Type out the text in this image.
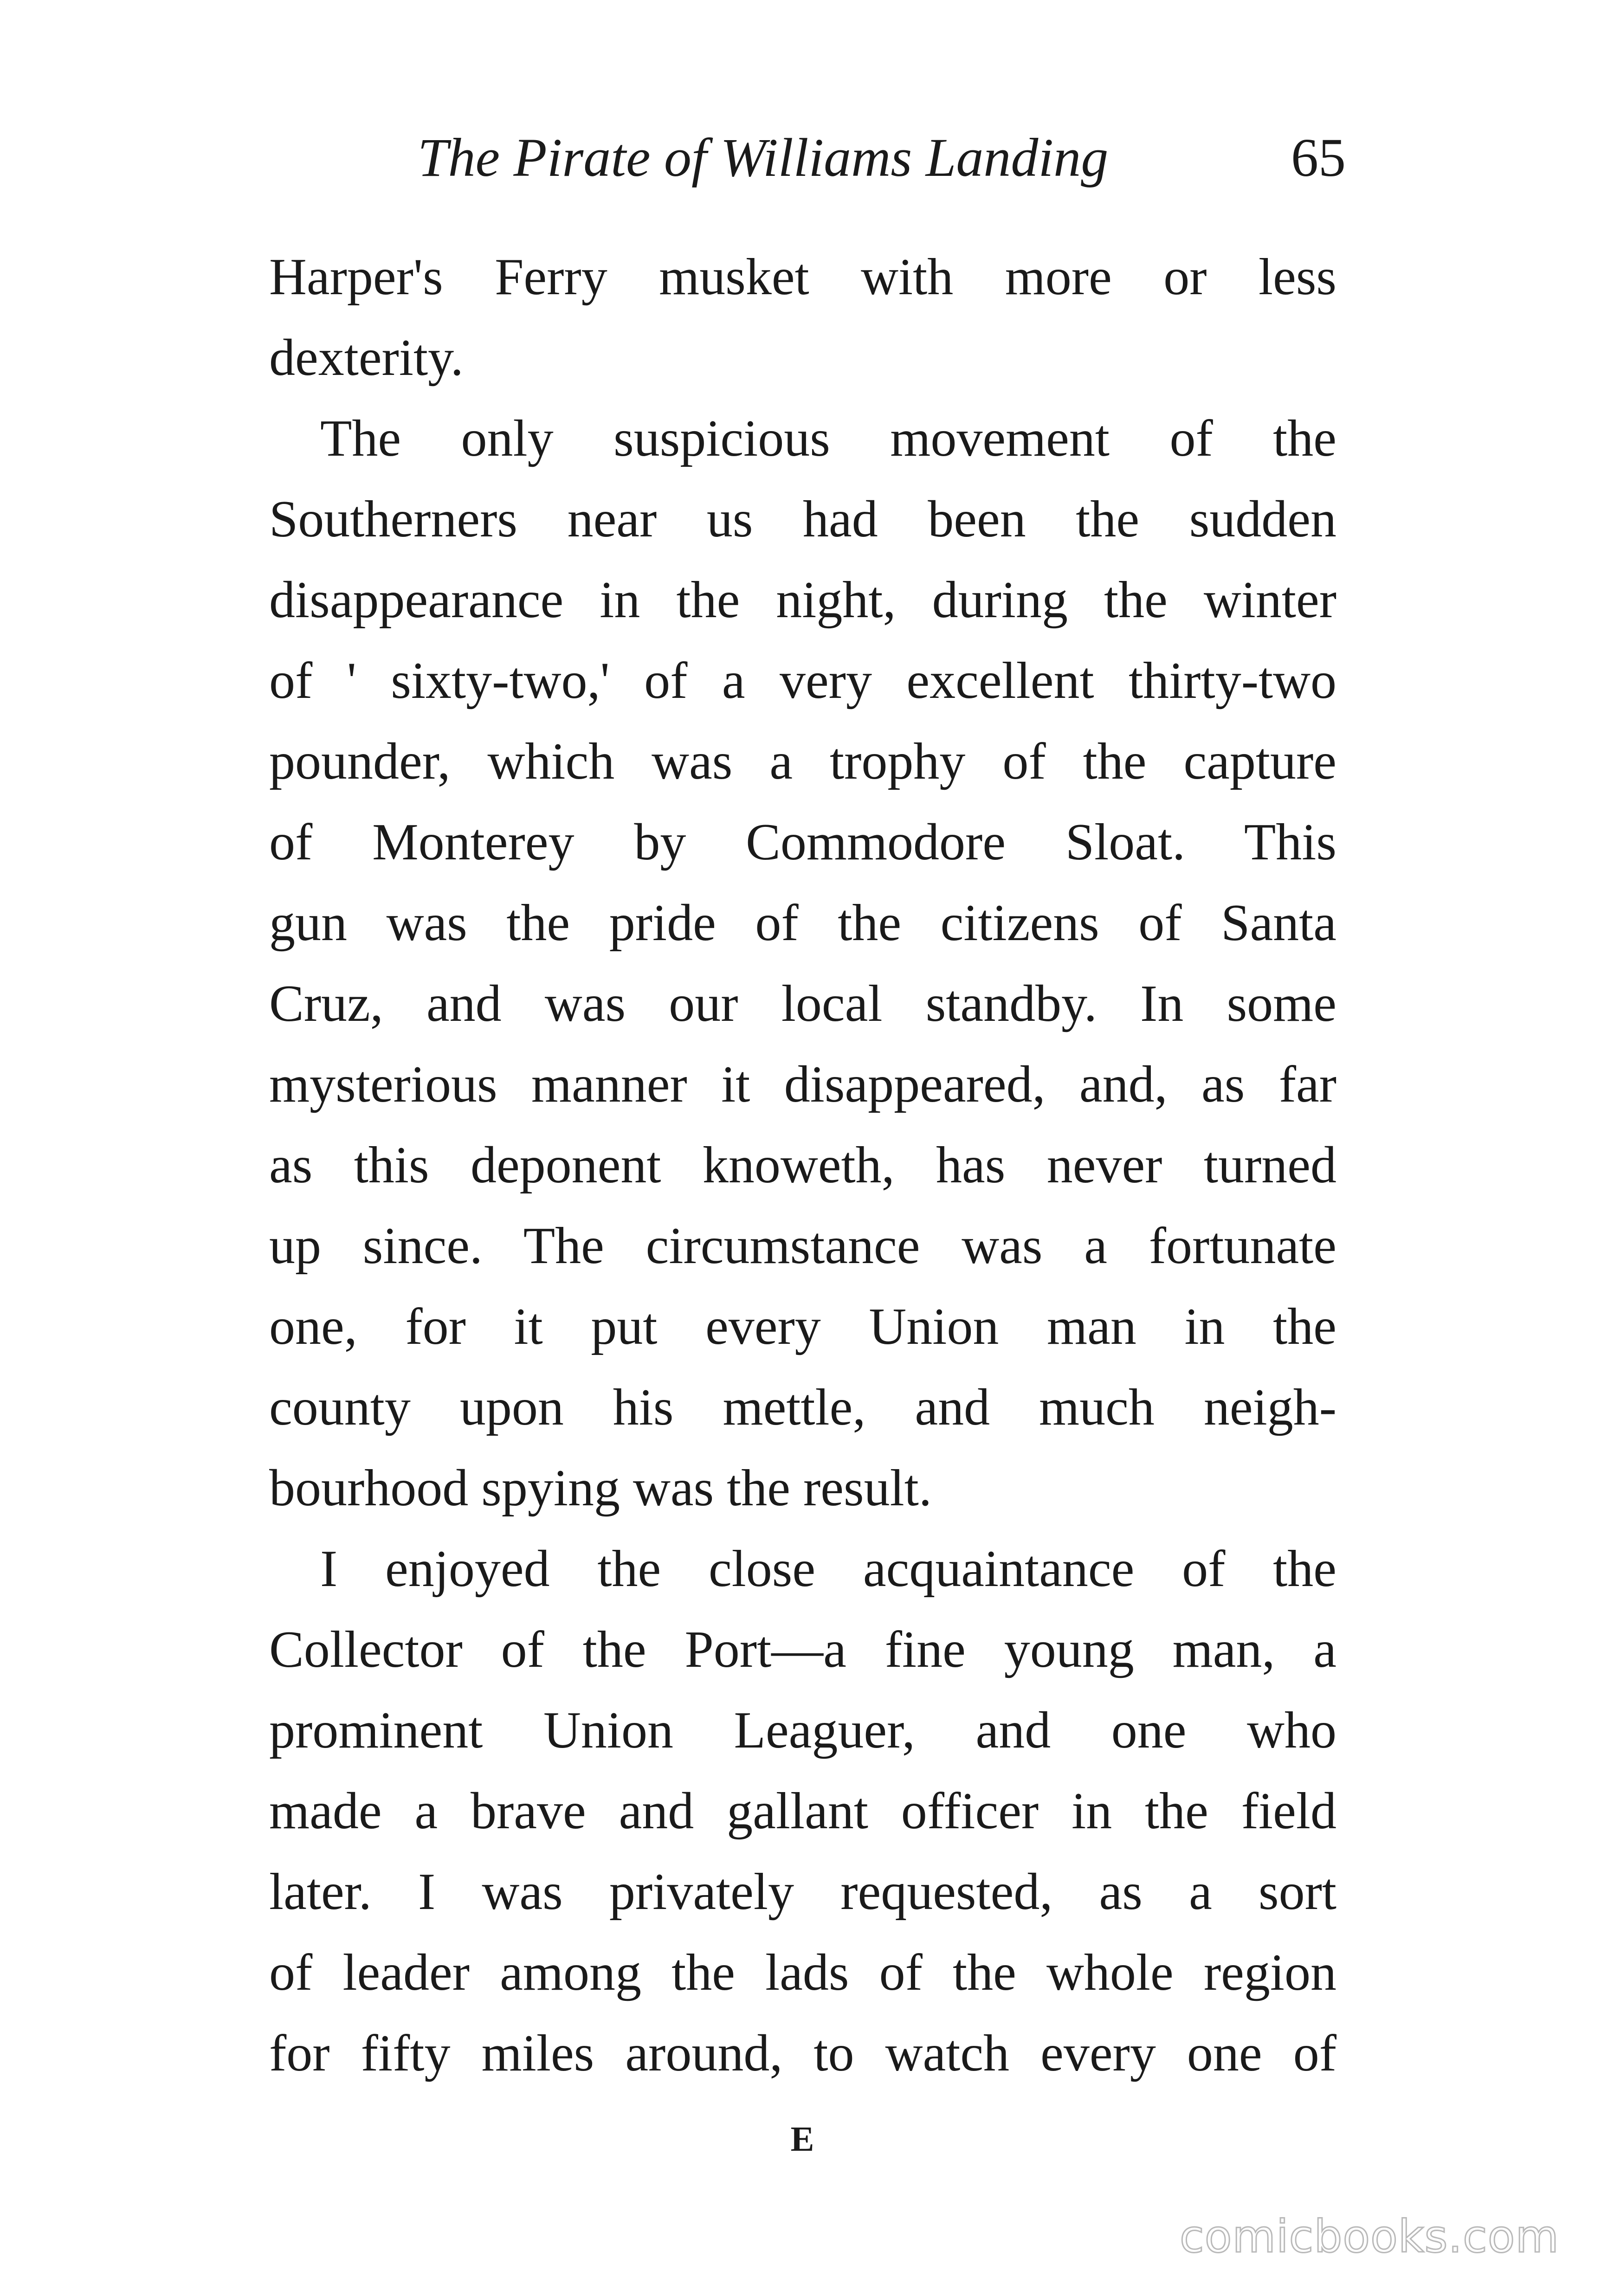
The Pirate of Williams Landing	65
Harper's Ferry musket with more or less
dexterity.
The only suspicious movement of the
Southerners near us had been the sudden
disappearance in the night, during the winter
of ' sixty-two,' of a very excellent thirty-two
pounder, which was a trophy of the capture
of Monterey by Commodore Sloat. This
gun was the pride of the citizens of Santa
Cruz, and was our local standby. In some
mysterious manner it disappeared, and, as far
as this deponent knoweth, has never turned
up since. The circumstance was a fortunate
one, for it put every Union man in the
county upon his mettle, and much neigh-
bourhood spying was the result.
I enjoyed the close acquaintance of the
Collector of the Port—a fine young man, a
prominent Union Leaguer, and one who
made a brave and gallant officer in the field
later. I was privately requested, as a sort
of leader among the lads of the whole region
for fifty miles around, to watch every one of
E
comicbooks.com
